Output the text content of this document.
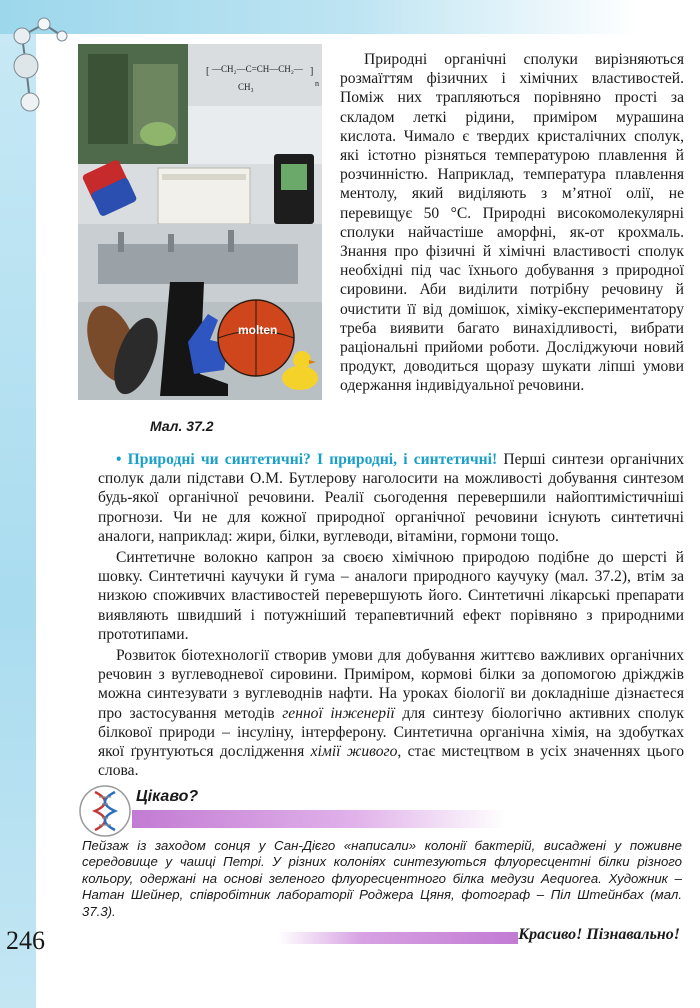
[ —CH₂—C=CH—CH₂— ]
n
CH₃
molten
Мал. 37.2

Природні органічні сполуки вирізняються розмаїттям фізичних і хімічних властивостей. Поміж них трапляються порівняно прості за складом леткі рідини, приміром мурашина кислота. Чимало є твердих кристалічних сполук, які істотно різняться температурою плавлення й розчинністю. Наприклад, температура плавлення ментолу, який виділяють з м’ятної олії, не перевищує 50 °С. Природні високомолекулярні сполуки найчастіше аморфні, як-от крохмаль. Знання про фізичні й хімічні властивості сполук необхідні під час їхнього добування з природної сировини. Аби виділити потрібну речовину й очистити її від домішок, хіміку-експериментатору треба виявити багато винахідливості, вибрати раціональні прийоми роботи. Досліджуючи новий продукт, доводиться щоразу шукати ліпші умови одержання індивідуальної речовини.

• Природні чи синтетичні? І природні, і синтетичні! Перші синтези органічних сполук дали підстави О.М. Бутлерову наголосити на можливості добування синтезом будь-якої органічної речовини. Реалії сьогодення перевершили найоптимістичніші прогнози. Чи не для кожної природної органічної речовини існують синтетичні аналоги, наприклад: жири, білки, вуглеводи, вітаміни, гормони тощо.

Синтетичне волокно капрон за своєю хімічною природою подібне до шерсті й шовку. Синтетичні каучуки й гума – аналоги природного каучуку (мал. 37.2), втім за низкою споживчих властивостей перевершують його. Синтетичні лікарські препарати виявляють швидший і потужніший терапевтичний ефект порівняно з природними прототипами.

Розвиток біотехнології створив умови для добування життєво важливих органічних речовин з вуглеводневої сировини. Приміром, кормові білки за допомогою дріжджів можна синтезувати з вуглеводнів нафти. На уроках біології ви докладніше дізнаєтеся про застосування методів генної інженерії для синтезу біологічно активних сполук білкової природи – інсуліну, інтерферону. Синтетична органічна хімія, на здобутках якої ґрунтуються дослідження хімії живого, стає мистецтвом в усіх значеннях цього слова.

Цікаво?
Пейзаж із заходом сонця у Сан-Дієго «написали» колонії бактерій, висаджені у поживне середовище у чашці Петрі. У різних колоніях синтезуються флуоресцентні білки різного кольору, одержані на основі зеленого флуоресцентного білка медузи Aequorea. Художник – Натан Шейнер, співробітник лабораторії Роджера Цяня, фотограф – Піл Штейнбах (мал. 37.3).
Красиво! Пізнавально!
246
